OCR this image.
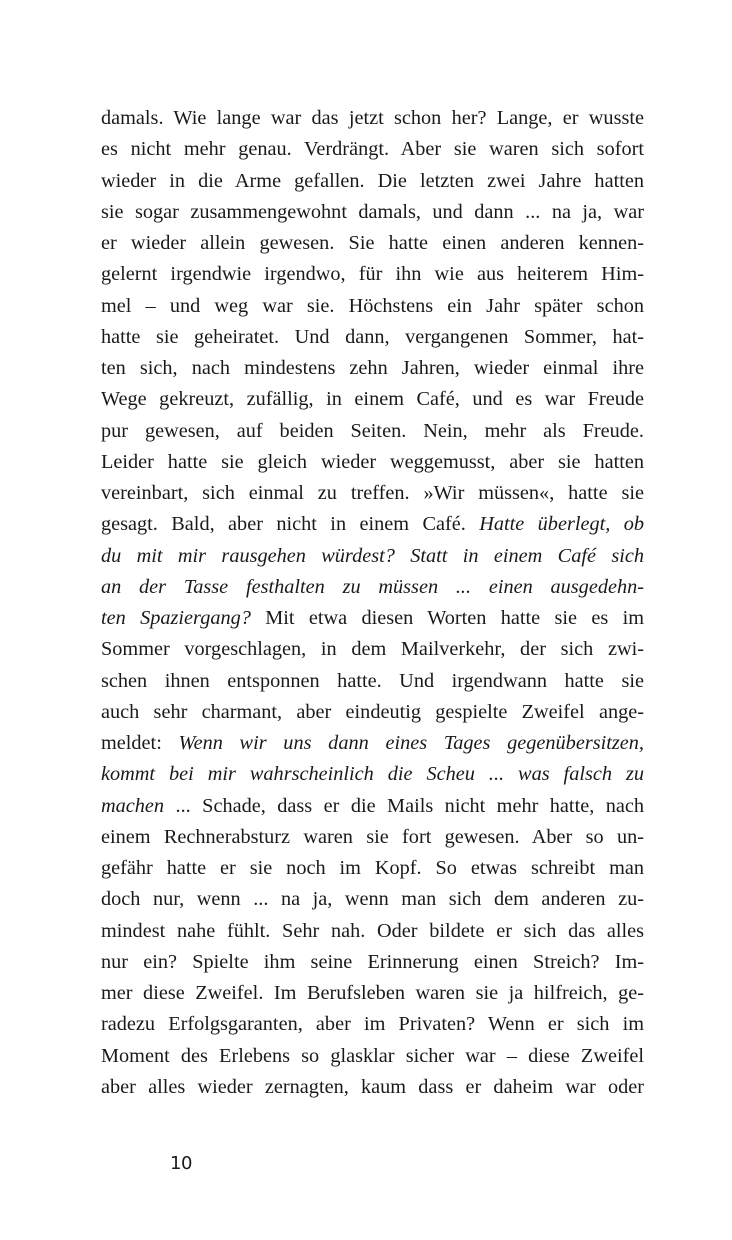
damals. Wie lange war das jetzt schon her? Lange, er wusste
es nicht mehr genau. Verdrängt. Aber sie waren sich sofort
wieder in die Arme gefallen. Die letzten zwei Jahre hatten
sie sogar zusammengewohnt damals, und dann ... na ja, war
er wieder allein gewesen. Sie hatte einen anderen kennen-
gelernt irgendwie irgendwo, für ihn wie aus heiterem Him-
mel – und weg war sie. Höchstens ein Jahr später schon
hatte sie geheiratet. Und dann, vergangenen Sommer, hat-
ten sich, nach mindestens zehn Jahren, wieder einmal ihre
Wege gekreuzt, zufällig, in einem Café, und es war Freude
pur gewesen, auf beiden Seiten. Nein, mehr als Freude.
Leider hatte sie gleich wieder weggemusst, aber sie hatten
vereinbart, sich einmal zu treffen. »Wir müssen«, hatte sie
gesagt. Bald, aber nicht in einem Café. Hatte überlegt, ob
du mit mir rausgehen würdest? Statt in einem Café sich
an der Tasse festhalten zu müssen ... einen ausgedehn-
ten Spaziergang? Mit etwa diesen Worten hatte sie es im
Sommer vorgeschlagen, in dem Mailverkehr, der sich zwi-
schen ihnen entsponnen hatte. Und irgendwann hatte sie
auch sehr charmant, aber eindeutig gespielte Zweifel ange-
meldet: Wenn wir uns dann eines Tages gegenübersitzen,
kommt bei mir wahrscheinlich die Scheu ... was falsch zu
machen ... Schade, dass er die Mails nicht mehr hatte, nach
einem Rechnerabsturz waren sie fort gewesen. Aber so un-
gefähr hatte er sie noch im Kopf. So etwas schreibt man
doch nur, wenn ... na ja, wenn man sich dem anderen zu-
mindest nahe fühlt. Sehr nah. Oder bildete er sich das alles
nur ein? Spielte ihm seine Erinnerung einen Streich? Im-
mer diese Zweifel. Im Berufsleben waren sie ja hilfreich, ge-
radezu Erfolgsgaranten, aber im Privaten? Wenn er sich im
Moment des Erlebens so glasklar sicher war – diese Zweifel
aber alles wieder zernagten, kaum dass er daheim war oder
10
